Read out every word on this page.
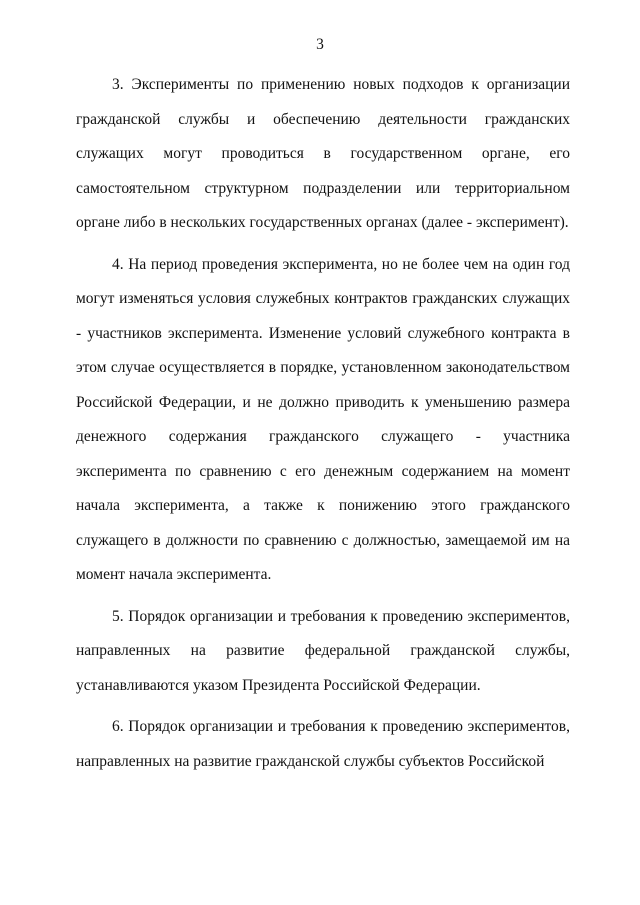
3

3. Эксперименты по применению новых подходов к организации гражданской службы и обеспечению деятельности гражданских служащих могут проводиться в государственном органе, его самостоятельном структурном подразделении или территориальном органе либо в нескольких государственных органах (далее - эксперимент).

4. На период проведения эксперимента, но не более чем на один год могут изменяться условия служебных контрактов гражданских служащих - участников эксперимента. Изменение условий служебного контракта в этом случае осуществляется в порядке, установленном законодательством Российской Федерации, и не должно приводить к уменьшению размера денежного содержания гражданского служащего - участника эксперимента по сравнению с его денежным содержанием на момент начала эксперимента, а также к понижению этого гражданского служащего в должности по сравнению с должностью, замещаемой им на момент начала эксперимента.

5. Порядок организации и требования к проведению экспериментов, направленных на развитие федеральной гражданской службы, устанавливаются указом Президента Российской Федерации.

6. Порядок организации и требования к проведению экспериментов, направленных на развитие гражданской службы субъектов Российской
